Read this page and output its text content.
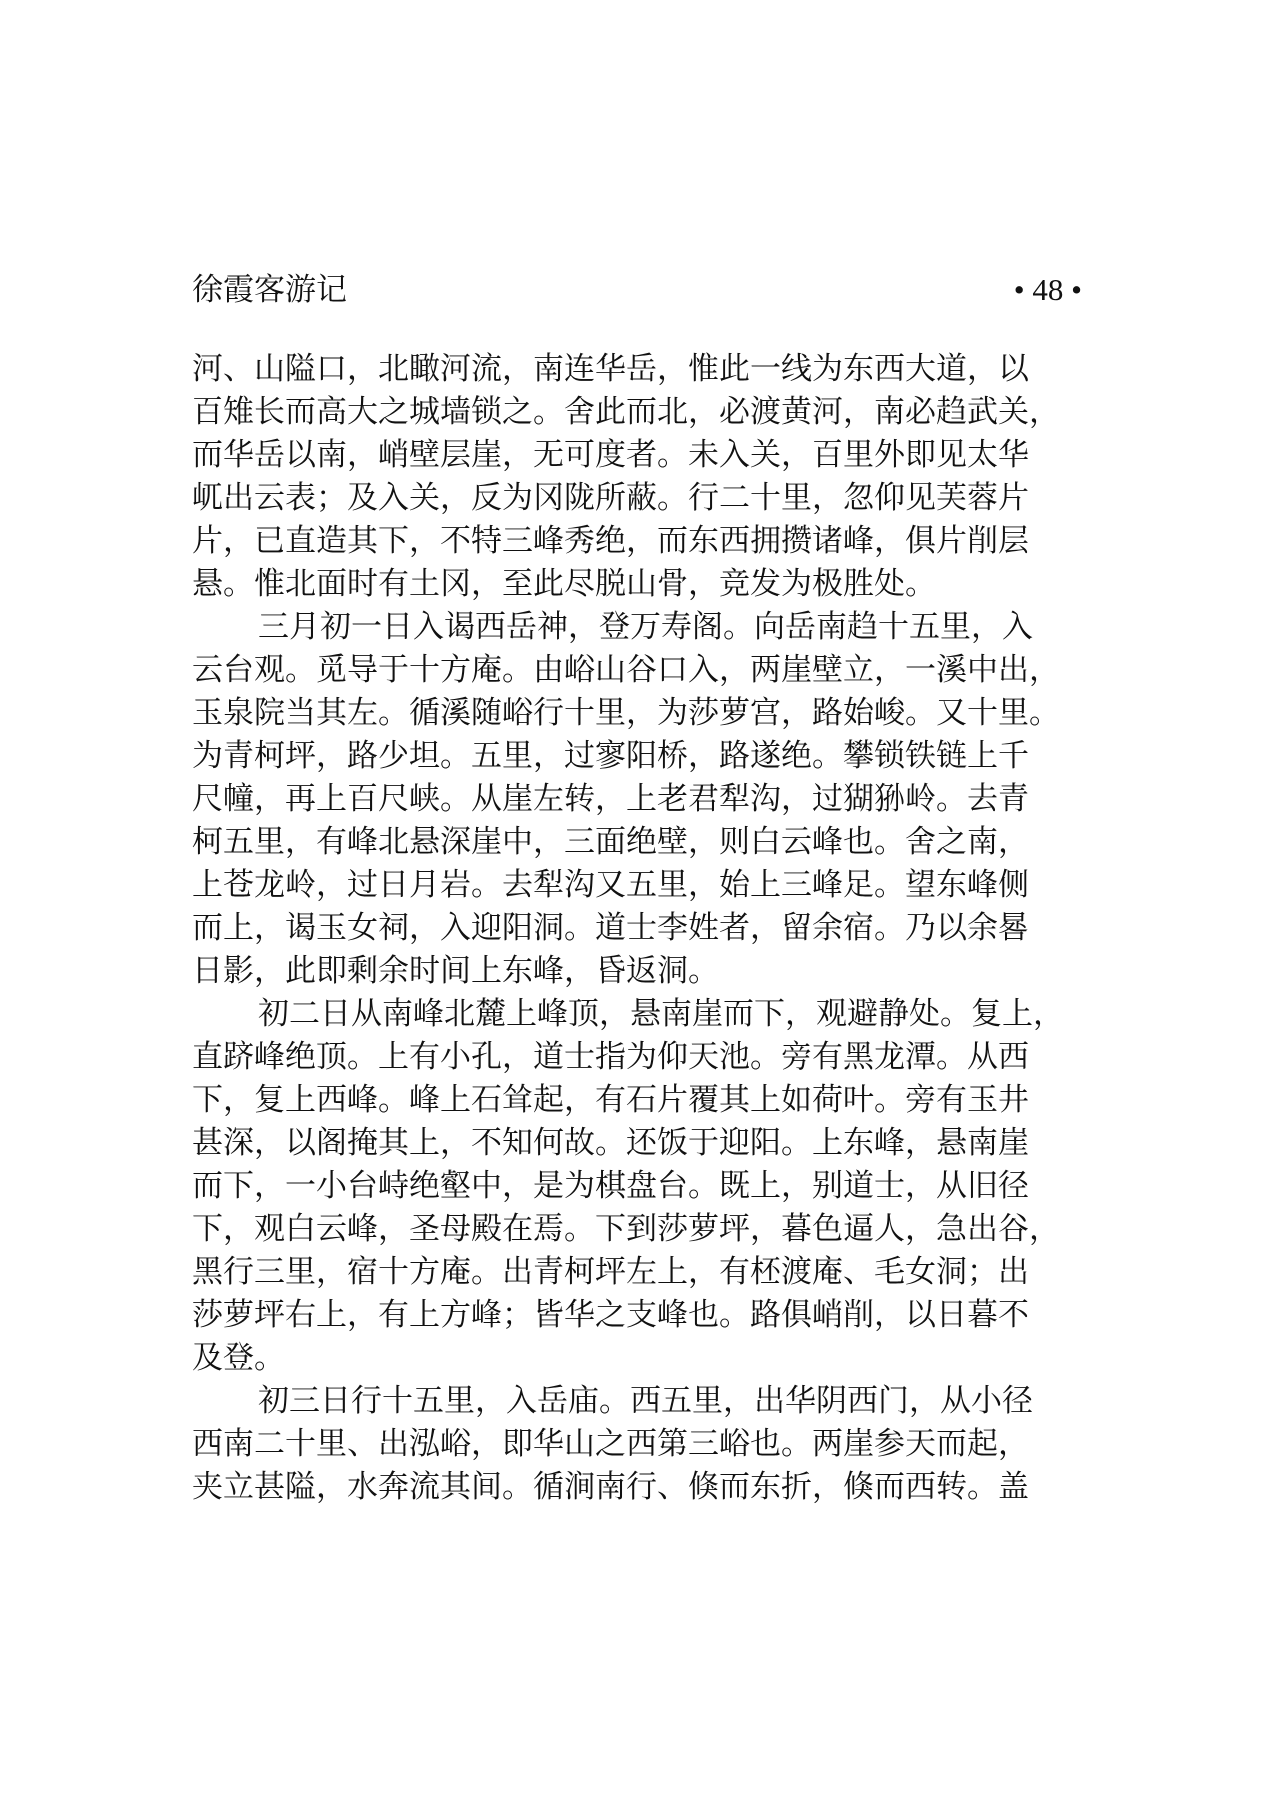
徐霞客游记	• 48 •
河、山隘口，北瞰河流，南连华岳，惟此一线为东西大道，以
百雉长而高大之城墙锁之。舍此而北，必渡黄河，南必趋武关，
而华岳以南，峭壁层崖，无可度者。未入关，百里外即见太华
屼出云表；及入关，反为冈陇所蔽。行二十里，忽仰见芙蓉片
片，已直造其下，不特三峰秀绝，而东西拥攒诸峰，俱片削层
悬。惟北面时有土冈，至此尽脱山骨，竞发为极胜处。
三月初一日入谒西岳神，登万寿阁。向岳南趋十五里，入
云台观。觅导于十方庵。由峪山谷口入，两崖壁立，一溪中出，
玉泉院当其左。循溪随峪行十里，为莎萝宫，路始峻。又十里。
为青柯坪，路少坦。五里，过寥阳桥，路遂绝。攀锁铁链上千
尺幢，再上百尺峡。从崖左转，上老君犁沟，过猢狲岭。去青
柯五里，有峰北悬深崖中，三面绝壁，则白云峰也。舍之南，
上苍龙岭，过日月岩。去犁沟又五里，始上三峰足。望东峰侧
而上，谒玉女祠，入迎阳洞。道士李姓者，留余宿。乃以余晷
日影，此即剩余时间上东峰，昏返洞。
初二日从南峰北麓上峰顶，悬南崖而下，观避静处。复上，
直跻峰绝顶。上有小孔，道士指为仰天池。旁有黑龙潭。从西
下，复上西峰。峰上石耸起，有石片覆其上如荷叶。旁有玉井
甚深，以阁掩其上，不知何故。还饭于迎阳。上东峰，悬南崖
而下，一小台峙绝壑中，是为棋盘台。既上，别道士，从旧径
下，观白云峰，圣母殿在焉。下到莎萝坪，暮色逼人，急出谷，
黑行三里，宿十方庵。出青柯坪左上，有柸渡庵、毛女洞；出
莎萝坪右上，有上方峰；皆华之支峰也。路俱峭削，以日暮不
及登。
初三日行十五里，入岳庙。西五里，出华阴西门，从小径
西南二十里、出泓峪，即华山之西第三峪也。两崖参天而起，
夹立甚隘，水奔流其间。循涧南行、倏而东折，倏而西转。盖
